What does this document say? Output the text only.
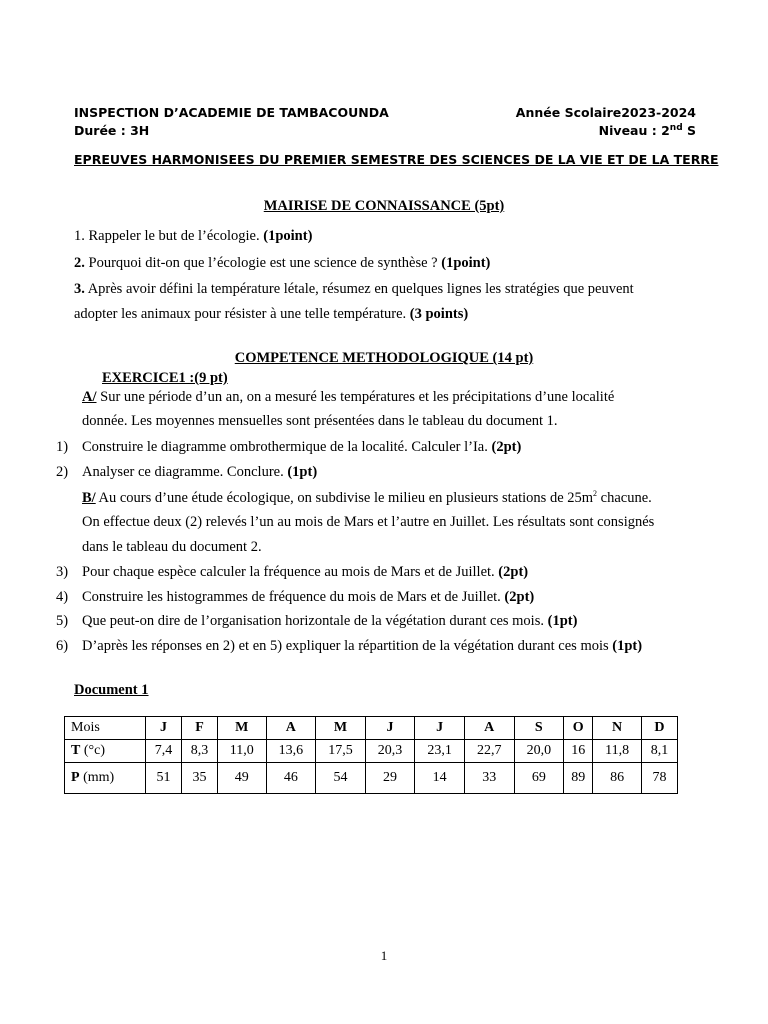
INSPECTION D’ACADEMIE DE TAMBACOUNDA
Durée : 3H
Année Scolaire2023-2024
Niveau : 2nd S
EPREUVES HARMONISEES DU PREMIER SEMESTRE DES SCIENCES DE LA VIE ET DE LA TERRE
MAIRISE DE CONNAISSANCE (5pt)
1. Rappeler le but de l’écologie. (1point)
2. Pourquoi dit-on que l’écologie est une science de synthèse ? (1point)
3. Après avoir défini la température létale, résumez en quelques lignes les stratégies que peuvent
adopter les animaux pour résister à une telle température. (3 points)
COMPETENCE METHODOLOGIQUE (14 pt)
EXERCICE1 :(9 pt)
A/ Sur une période d’un an, on a mesuré les températures et les précipitations d’une localité
donnée. Les moyennes mensuelles sont présentées dans le tableau du document 1.
1) Construire le diagramme ombrothermique de la localité. Calculer l’Ia. (2pt)
2) Analyser ce diagramme. Conclure. (1pt)
B/ Au cours d’une étude écologique, on subdivise le milieu en plusieurs stations de $25m^2$ chacune.
On effectue deux (2) relevés l’un au mois de Mars et l’autre en Juillet. Les résultats sont consignés
dans le tableau du document 2.
3) Pour chaque espèce calculer la fréquence au mois de Mars et de Juillet. (2pt)
4) Construire les histogrammes de fréquence du mois de Mars et de Juillet. (2pt)
5) Que peut-on dire de l’organisation horizontale de la végétation durant ces mois. (1pt)
6) D’après les réponses en 2) et en 5) expliquer la répartition de la végétation durant ces mois (1pt)
Document 1
Mois	J	F	M	A	M	J	J	A	S	O	N	D
T (°c)	7,4	8,3	11,0	13,6	17,5	20,3	23,1	22,7	20,0	16	11,8	8,1
P (mm)	51	35	49	46	54	29	14	33	69	89	86	78
1
